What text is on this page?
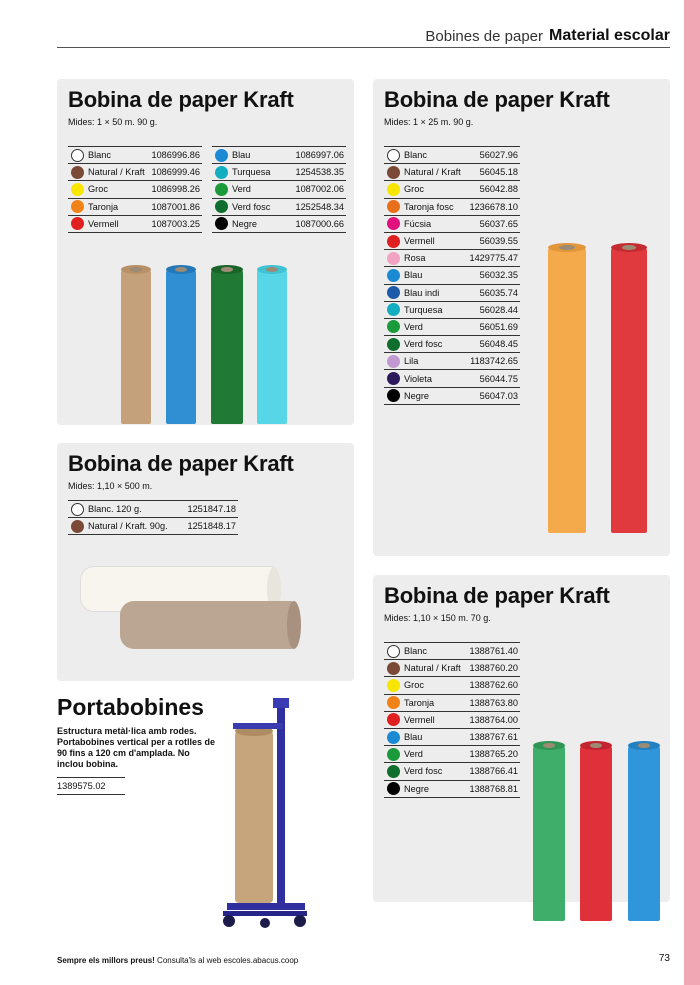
Bobines de paper Material escolar
Bobina de paper Kraft
Mides: 1 × 50 m. 90 g.
Blanc	1086996.86
Natural / Kraft 1086999.46
Groc	1086998.26
Taronja	1087001.86
Vermell	1087003.25
Blau	1086997.06
Turquesa	1254538.35
Verd	1087002.06
Verd fosc	1252548.34
Negre	1087000.66
Bobina de paper Kraft
Mides: 1 × 25 m. 90 g.
Blanc	56027.96
Natural / Kraft	56045.18
Groc	56042.88
Taronja fosc	1236678.10
Fúcsia	56037.65
Vermell	56039.55
Rosa	1429775.47
Blau	56032.35
Blau indi	56035.74
Turquesa	56028.44
Verd	56051.69
Verd fosc	56048.45
Lila	1183742.65
Violeta	56044.75
Negre	56047.03
Bobina de paper Kraft
Mides: 1,10 × 500 m.
Blanc. 120 g.	1251847.18
Natural / Kraft. 90g.	1251848.17
Bobina de paper Kraft
Mides: 1,10 × 150 m. 70 g.
Blanc	1388761.40
Natural / Kraft 1388760.20
Groc	1388762.60
Taronja	1388763.80
Vermell	1388764.00
Blau	1388767.61
Verd	1388765.20
Verd fosc	1388766.41
Negre	1388768.81
Portabobines
Estructura metàl·lica amb rodes. Portabobines vertical per a rotlles de 90 fins a 120 cm d'amplada. No inclou bobina.
1389575.02
Sempre els millors preus! Consulta'ls al web escoles.abacus.coop	73
